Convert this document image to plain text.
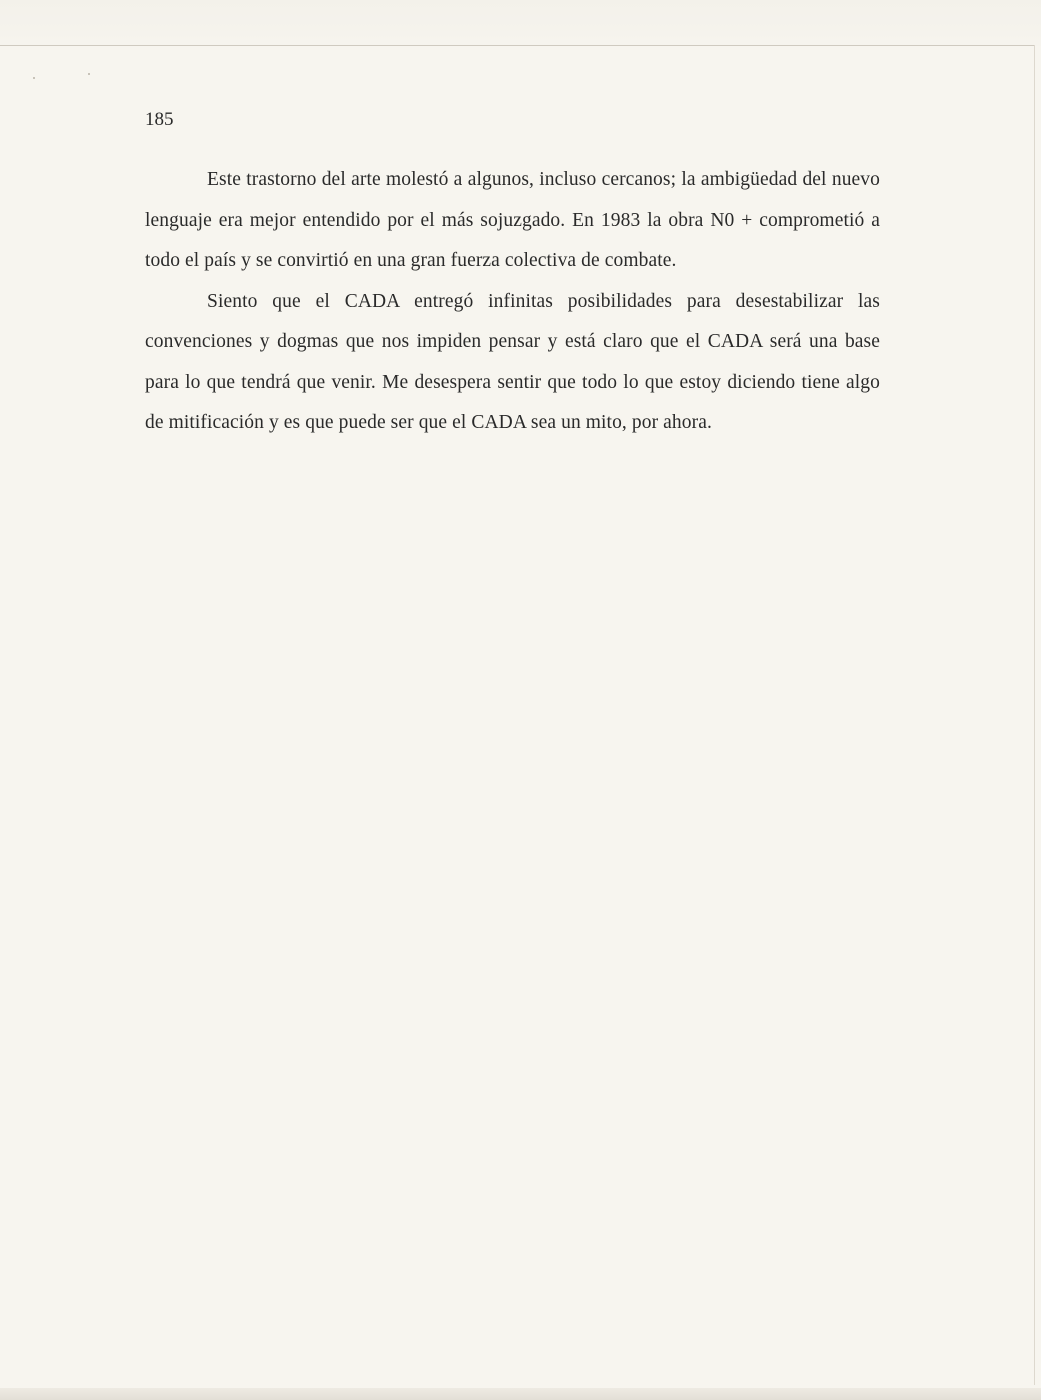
185

Este trastorno del arte molestó a algunos, incluso cercanos; la ambigüedad del nuevo lenguaje era mejor entendido por el más sojuzgado. En 1983 la obra N0 + comprometió a todo el país y se convirtió en una gran fuerza colectiva de combate.

Siento que el CADA entregó infinitas posibilidades para desestabilizar las convenciones y dogmas que nos impiden pensar y está claro que el CADA será una base para lo que tendrá que venir. Me desespera sentir que todo lo que estoy diciendo tiene algo de mitificación y es que puede ser que el CADA sea un mito, por ahora.
